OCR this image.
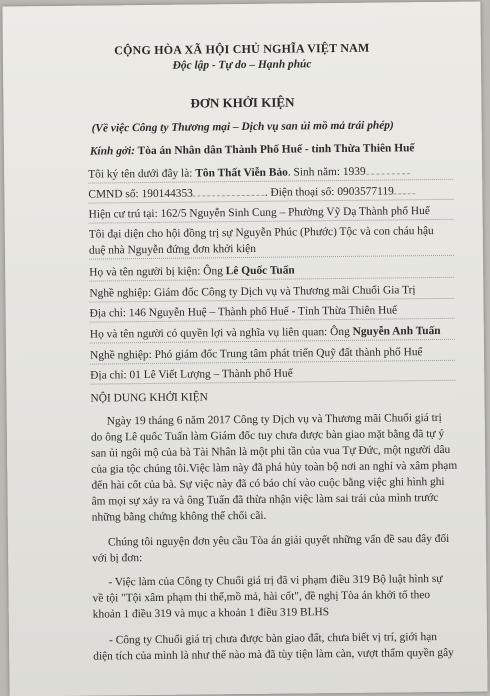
CỘNG HÒA XÃ HỘI CHỦ NGHĨA VIỆT NAM
Độc lập - Tự do – Hạnh phúc
ĐƠN KHỞI KIỆN
(Về việc Công ty Thương mại – Dịch vụ san ủi mồ mả trái phép)
Kính gởi: Tòa án Nhân dân Thành Phố Huế - tỉnh Thừa Thiên Huế
Tôi ký tên dưới đây là: Tôn Thất Viễn Bảo. Sinh năm: 1939
CMND số: 190144353	. Điện thoại số: 0903577119
Hiện cư trú tại: 162/5 Nguyễn Sinh Cung – Phường Vỹ Dạ Thành phố Huế
Tôi đại diện cho hội đồng trị sự Nguyễn Phúc (Phước) Tộc và con cháu hậu
duệ nhà Nguyễn đứng đơn khởi kiện
Họ và tên người bị kiện: Ông Lê Quốc Tuấn
Nghề nghiệp: Giám đốc Công ty Dịch vụ và Thương mãi Chuổi Gia Trị
Địa chỉ: 146 Nguyễn Huệ – Thành phố Huế - Tỉnh Thừa Thiên Huế
Họ và tên người có quyền lợi và nghĩa vụ liên quan: Ông Nguyễn Anh Tuấn
Nghề nghiệp: Phó giám đốc Trung tâm phát triển Quỹ đất thành phố Huế
Địa chỉ: 01 Lê Viết Lượng – Thành phố Huế
NỘI DUNG KHỞI KIỆN
Ngày 19 tháng 6 năm 2017 Công ty Dịch vụ và Thương mãi Chuổi giá trị
do ông Lê quốc Tuấn làm Giám đốc tuy chưa được bàn giao mặt bằng đã tự ý
san ủi ngôi mộ của bà Tài Nhân là một phi tần của vua Tự Đức, một người dâu
của gia tộc chúng tôi.Việc làm này đã phá hủy toàn bộ nơi an nghỉ và xâm phạm
đến hài cốt của bà. Sự việc này đã có báo chí vào cuộc bằng việc ghi hình ghi
âm mọi sự xảy ra và ông Tuấn đã thừa nhận việc làm sai trái của mình trước
những bằng chứng không thể chối cãi.
Chúng tôi nguyện đơn yêu cầu Tòa án giải quyết những vấn đề sau đây đối
với bị đơn:
- Việc làm của Công ty Chuổi giá trị đã vi phạm điều 319 Bộ luật hình sự
về tội "Tội xâm phạm thi thể,mồ mả, hài cốt", đề nghị Tòa án khởi tố theo
khoản 1 điều 319 và mục a khoản 1 điều 319 BLHS
- Công ty Chuổi giá trị chưa được bàn giao đất, chưa biết vị trí, giới hạn
diện tích của mình là như thế nào mà đã tùy tiện làm càn, vượt thẩm quyền gây
